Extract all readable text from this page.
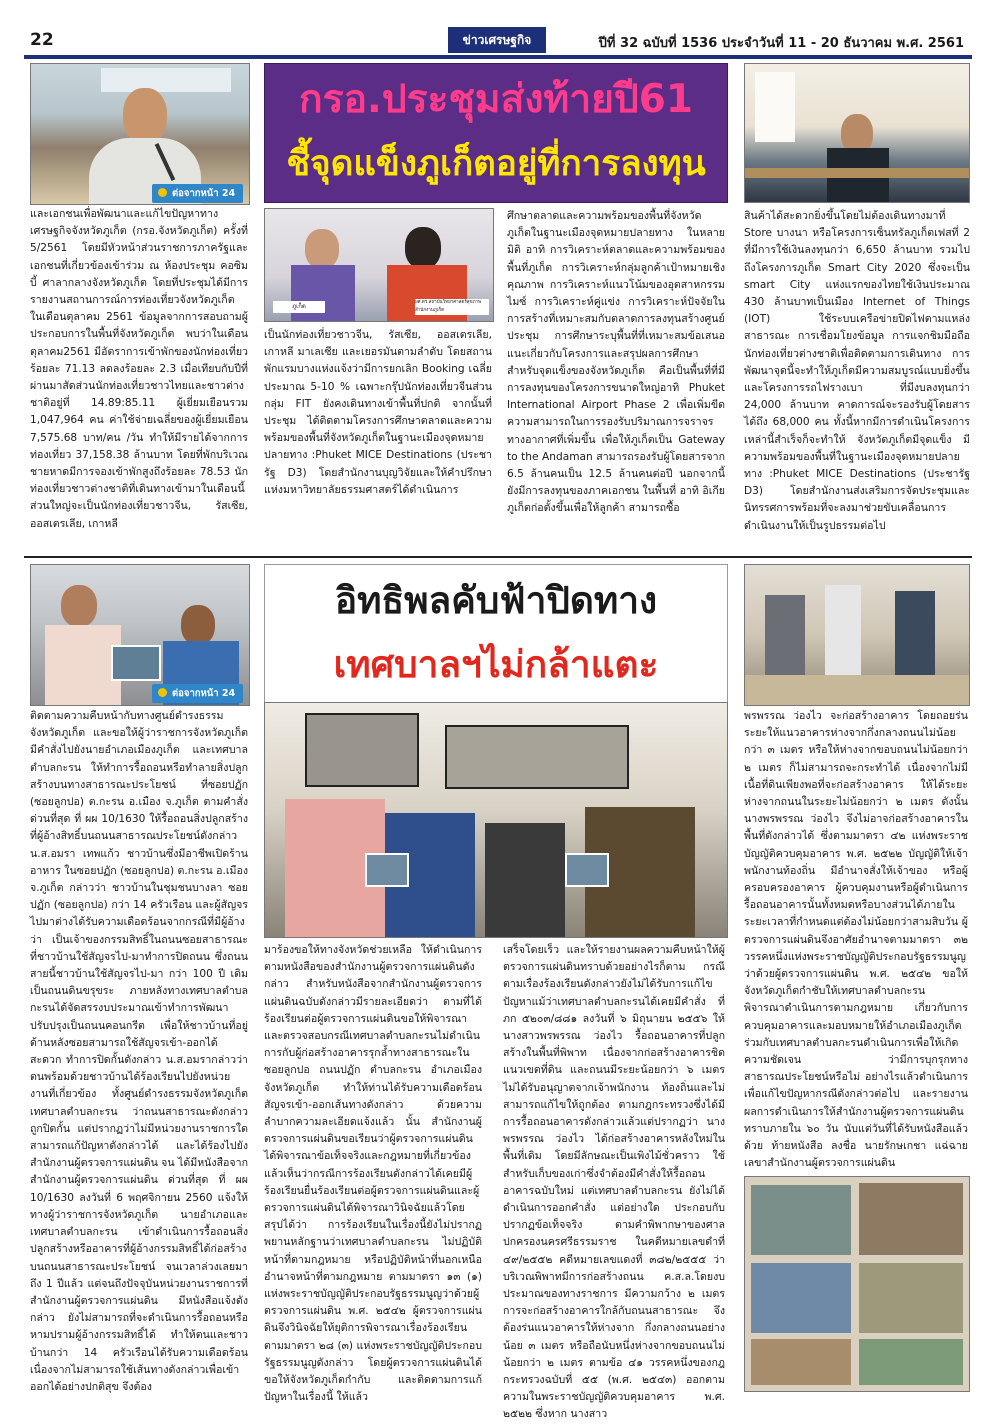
22	ข่าวเศรษฐกิจ	ปีที่ 32 ฉบับที่ 1536 ประจำวันที่ 11 - 20 ธันวาคม พ.ศ. 2561
ต่อจากหน้า 24
กรอ.ประชุมส่งท้ายปี61
ชี้จุดแข็งภูเก็ตอยู่ที่การลงทุน
ภูเก็ต
ผศ.ดร.สถาบันวิทยาศาสตร์สุขภาพ สำนักงานภูเก็ต
และเอกชนเพื่อพัฒนาและแก้ไขปัญหาทางเศรษฐกิจจังหวัดภูเก็ต (กรอ.จังหวัดภูเก็ต) ครั้งที่ 5/2561 โดยมีหัวหน้าส่วนราชการภาครัฐและเอกชนที่เกี่ยวข้องเข้าร่วม ณ ห้องประชุม คอซิมบี้ ศาลากลางจังหวัดภูเก็ต โดยที่ประชุมได้มีการรายงานสถานการณ์การท่องเที่ยวจังหวัดภูเก็ต ในเดือนตุลาคม 2561 ข้อมูลจากการสอบถามผู้ประกอบการในพื้นที่จังหวัดภูเก็ต พบว่าในเดือนตุลาคม2561 มีอัตราการเข้าพักของนักท่องเที่ยวร้อยละ 71.13 ลดลงร้อยละ 2.3 เมื่อเทียบกับปีที่ผ่านมาสัดส่วนนักท่องเที่ยวชาวไทยและชาวต่างชาติอยู่ที่ 14.89:85.11 ผู้เยี่ยมเยือนรวม 1,047,964 คน ค่าใช้จ่ายเฉลี่ยของผู้เยี่ยมเยือน 7,575.68 บาท/คน /วัน ทำให้มีรายได้จากการท่องเที่ยว 37,158.38 ล้านบาท โดยที่พักบริเวณชายหาดมีการจองเข้าพักสูงถึงร้อยละ 78.53 นักท่องเที่ยวชาวต่างชาติที่เดินทางเข้ามาในเดือนนี้ส่วนใหญ่จะเป็นนักท่องเที่ยวชาวจีน, รัสเซีย, ออสเตรเลีย, เกาหลี
เป็นนักท่องเที่ยวชาวจีน, รัสเซีย, ออสเตรเลีย, เกาหลี มาเลเซีย และเยอรมันตามลำดับ โดยสถานพักแรมบางแห่งแจ้งว่ามีการยกเลิก Booking เฉลี่ยประมาณ 5-10 % เฉพาะกรุ๊ปนักท่องเที่ยวจีนส่วนกลุ่ม FIT ยังคงเดินทางเข้าพื้นที่ปกติ จากนั้นที่ประชุม ได้ติดตามโครงการศึกษาตลาดและความพร้อมของพื้นที่จังหวัดภูเก็ตในฐานะเมืองจุดหมายปลายทาง :Phuket MICE Destinations (ประชารัฐ D3) โดยสำนักงานบุญวิจัยและให้คำปรึกษาแห่งมหาวิทยาลัยธรรมศาสตร์ได้ดำเนินการ
ศึกษาตลาดและความพร้อมของพื้นที่จังหวัดภูเก็ตในฐานะเมืองจุดหมายปลายทาง ในหลายมิติ อาทิ การวิเคราะห์ตลาดและความพร้อมของพื้นที่ภูเก็ต การวิเคราะห์กลุ่มลูกค้าเป้าหมายเชิงคุณภาพ การวิเคราะห์แนวโน้มของอุตสาหกรรมไมซ์ การวิเคราะห์คู่แข่ง การวิเคราะห์ปัจจัยในการสร้างที่เหมาะสมกับตลาดการลงทุนสร้างศูนย์ประชุม การศึกษาระบุพื้นที่ที่เหมาะสมข้อเสนอแนะเกี่ยวกับโครงการและสรุปผลการศึกษา สำหรับจุดแข็งของจังหวัดภูเก็ต คือเป็นพื้นที่ที่มีการลงทุนของโครงการขนาดใหญ่อาทิ Phuket International Airport Phase 2 เพื่อเพิ่มขีดความสามารถในการรองรับปริมาณการจราจรทางอากาศที่เพิ่มขึ้น เพื่อให้ภูเก็ตเป็น Gateway to the Andaman สามารถรองรับผู้โดยสารจาก 6.5 ล้านคนเป็น 12.5 ล้านคนต่อปี นอกจากนี้ ยังมีการลงทุนของภาคเอกชน ในพื้นที่ อาทิ อิเกียภูเก็ตก่อตั้งขึ้นเพื่อให้ลูกค้า สามารถซื้อ
สินค้าได้สะดวกยิ่งขึ้นโดยไม่ต้องเดินทางมาที่ Store บางนา หรือโครงการเซ็นทรัลภูเก็ตเฟสที่ 2 ที่มีการใช้เงินลงทุนกว่า 6,650 ล้านบาท รวมไปถึงโครงการภูเก็ต Smart City 2020 ซึ่งจะเป็น smart City แห่งแรกของไทยใช้เงินประมาณ 430 ล้านบาทเป็นเมือง Internet of Things (IOT) ใช้ระบบเครือข่ายปิดไฟตามแหล่งสาธารณะ การเชื่อมโยงข้อมูล การแจกชิมมือถือนักท่องเที่ยวต่างชาติเพื่อติดตามการเดินทาง การพัฒนาจุดนี้จะทำให้ภูเก็ตมีความสมบูรณ์แบบยิ่งขึ้น และโครงการรถไฟรางเบา ที่มีงบลงทุนกว่า 24,000 ล้านบาท คาดการณ์จะรองรับผู้โดยสารได้ถึง 68,000 คน ทั้งนี้หากมีการดำเนินโครงการเหล่านี้สำเร็จก็จะทำให้ จังหวัดภูเก็ตมีจุดแข็ง มีความพร้อมของพื้นที่ในฐานะเมืองจุดหมายปลายทาง :Phuket MICE Destinations (ประชารัฐ D3) โดยสำนักงานส่งเสริมการจัดประชุมและนิทรรศการพร้อมที่จะลงมาช่วยขับเคลื่อนการดำเนินงานให้เป็นรูปธรรมต่อไป
ต่อจากหน้า 24
อิทธิพลคับฟ้าปิดทาง
เทศบาลฯไม่กล้าแตะ
ติดตามความคืบหน้ากับทางศูนย์ดำรงธรรมจังหวัดภูเก็ต และขอให้ผู้ว่าราชการจังหวัดภูเก็ต มีคำสั่งไปยังนายอำเภอเมืองภูเก็ต และเทศบาลตำบลกะรน ให้ทำการรื้อถอนหรือทำลายสิ่งปลูกสร้างบนทางสาธารณะประโยชน์ ที่ซอยปฏัก (ซอยลูกปอ) ต.กะรน อ.เมือง จ.ภูเก็ต ตามคำสั่งด่วนที่สุด ที่ ผผ 10/1630 ให้รื้อถอนสิ่งปลูกสร้างที่ผู้อ้างสิทธิ์บนถนนสาธารณประโยชน์ดังกล่าว น.ส.อมรา เทพแก้ว ชาวบ้านซึ่งมีอาชีพเปิดร้านอาหาร ในซอยปฏัก (ซอยลูกปอ) ต.กะรน อ.เมือง จ.ภูเก็ต กล่าวว่า ชาวบ้านในชุมชนบางลา ซอยปฏัก (ซอยลูกปอ) กว่า 14 ครัวเรือน และผู้สัญจรไปมาต่างได้รับความเดือดร้อนจากกรณีที่มีผู้อ้างว่า เป็นเจ้าของกรรมสิทธิ์ในถนนซอยสาธารณะที่ชาวบ้านใช้สัญจรไป-มาทำการปิดถนน ซึ่งถนนสายนี้ชาวบ้านใช้สัญจรไป-มา กว่า 100 ปี เดิมเป็นถนนดินขรุขระ ภายหลังทางเทศบาลตำบลกะรนได้จัดสรรงบประมาณเข้าทำการพัฒนาปรับปรุงเป็นถนนคอนกรีต เพื่อให้ชาวบ้านที่อยู่ด้านหลังซอยสามารถใช้สัญจรเข้า-ออกได้สะดวก ทำการปิดกั้นดังกล่าว น.ส.อมรากล่าวว่า ตนพร้อมด้วยชาวบ้านได้ร้องเรียนไปยังหน่วยงานที่เกี่ยวข้อง ทั้งศูนย์ดำรงธรรมจังหวัดภูเก็ต เทศบาลตำบลกะรน ว่าถนนสาธารณะดังกล่าวถูกปิดกั้น แต่ปรากฏว่าไม่มีหน่วยงานราชการใดสามารถแก้ปัญหาดังกล่าวได้ และได้ร้องไปยังสำนักงานผู้ตรวจการแผ่นดิน จน ได้มีหนังสือจากสำนักงานผู้ตรวจการแผ่นดิน ด่วนที่สุด ที่ ผผ 10/1630 ลงวันที่ 6 พฤศจิกายน 2560 แจ้งให้ทางผู้ว่าราชการจังหวัดภูเก็ต นายอำเภอและเทศบาลตำบลกะรน เข้าดำเนินการรื้อถอนสิ่งปลูกสร้างหรืออาคารที่ผู้อ้างกรรมสิทธิ์ได้ก่อสร้างบนถนนสาธารณะประโยชน์ จนเวลาล่วงเลยมาถึง 1 ปีแล้ว แต่จนถึงปัจจุบันหน่วยงานราชการที่สำนักงานผู้ตรวจการแผ่นดิน มีหนังสือแจ้งดังกล่าว ยังไม่สามารถที่จะดำเนินการรื้อถอนหรือหามปรามผู้อ้างกรรมสิทธิ์ได้ ทำให้ตนและชาวบ้านกว่า 14 ครัวเรือนได้รับความเดือดร้อน เนื่องจากไม่สามารถใช้เส้นทางดังกล่าวเพื่อเข้าออกได้อย่างปกติสุข จึงต้อง
มาร้องขอให้ทางจังหวัดช่วยเหลือ ให้ดำเนินการตามหนังสือของสำนักงานผู้ตรวจการแผ่นดินดังกล่าว สำหรับหนังสือจากสำนักงานผู้ตรวจการแผ่นดินฉบับดังกล่าวมีรายละเอียดว่า ตามที่ได้ร้องเรียนต่อผู้ตรวจการแผ่นดินขอให้พิจารณา และตรวจสอบกรณีเทศบาลตำบลกะรนไม่ดำเนินการกับผู้ก่อสร้างอาคารรุกล้ำทางสาธารณะในซอยลูกปอ ถนนปฏัก ตำบลกะรน อำเภอเมือง จังหวัดภูเก็ต ทำให้ท่านได้รับความเดือดร้อนสัญจรเข้า-ออกเส้นทางดังกล่าว ด้วยความลำบากความละเอียดแจ้งแล้ว นั้น สำนักงานผู้ตรวจการแผ่นดินขอเรียนว่าผู้ตรวจการแผ่นดิน ได้พิจารณาข้อเท็จจริงและกฎหมายที่เกี่ยวข้องแล้วเห็นว่ากรณีการร้องเรียนดังกล่าวได้เคยมีผู้ร้องเรียนยื่นร้องเรียนต่อผู้ตรวจการแผ่นดินและผู้ตรวจการแผ่นดินได้พิจารณาวินิจฉัยแล้วโดยสรุปได้ว่า การร้องเรียนในเรื่องนี้ยังไม่ปรากฏพยานหลักฐานว่าเทศบาลตำบลกะรน ไม่ปฏิบัติหน้าที่ตามกฎหมาย หรือปฏิบัติหน้าที่นอกเหนืออำนาจหน้าที่ตามกฎหมาย ตามมาตรา ๑๓ (๑) แห่งพระราชบัญญัติประกอบรัฐธรรมนูญว่าด้วยผู้ตรวจการแผ่นดิน พ.ศ. ๒๕๔๒ ผู้ตรวจการแผ่นดินจึงวินิจฉัยให้ยุติการพิจารณาเรื่องร้องเรียน ตามมาตรา ๒๘ (๓) แห่งพระราชบัญญัติประกอบรัฐธรรมนูญดังกล่าว โดยผู้ตรวจการแผ่นดินได้ ขอให้จังหวัดภูเก็ตกำกับ และติดตามการแก้ปัญหาในเรื่องนี้ ให้แล้ว
เสร็จโดยเร็ว และให้รายงานผลความคืบหน้าให้ผู้ตรวจการแผ่นดินทราบด้วยอย่างไรก็ตาม กรณีตามเรื่องร้องเรียนดังกล่าวยังไม่ได้รับการแก้ไขปัญหาแม้ว่าเทศบาลตำบลกะรนได้เคยมีคำสั่ง ที่ ภก ๕๒๐๓/๘๘๑ ลงวันที่ ๖ มิถุนายน ๒๕๕๖ ให้นางสาวพรพรรณ ว่องไว รื้อถอนอาคารที่ปลูกสร้างในพื้นที่พิพาท เนื่องจากก่อสร้างอาคารชิดแนวเขตที่ดิน และถนนมีระยะน้อยกว่า ๖ เมตร ไม่ได้รับอนุญาตจากเจ้าพนักงาน ท้องถิ่นและไม่สามารถแก้ไขให้ถูกต้อง ตามกฎกระทรวงซึ่งได้มีการรื้อถอนอาคารดังกล่าวแล้วแต่ปรากฏว่า นางพรพรรณ ว่องไว ได้ก่อสร้างอาคารหลังใหม่ในพื้นที่เดิม โดยมีลักษณะเป็นเพิงไม้ชั่วคราว ใช้สำหรับเก็บของเก่าซึ่งจำต้องมีคำสั่งให้รื้อถอนอาคารฉบับใหม่ แต่เทศบาลตำบลกะรน ยังไม่ได้ดำเนินการออกคำสั่ง แต่อย่างใด ประกอบกับปรากฏข้อเท็จจริง ตามคำพิพากษาของศาลปกครองนครศรีธรรมราช ในคดีหมายเลขดำที่ ๔๙/๒๕๕๒ คดีหมายเลขแดงที่ ๓๘๒/๒๕๕๕ ว่า บริเวณพิพาทมีการก่อสร้างถนน ค.ส.ล.โดยงบประมาณของทางราชการ มีความกว้าง ๒ เมตร การจะก่อสร้างอาคารใกล้กับถนนสาธารณะ จึงต้องร่นแนวอาคารให้ห่างจาก กึ่งกลางถนนอย่างน้อย ๓ เมตร หรือถือนับหนึ่งห่างจากขอบถนนไม่น้อยกว่า ๒ เมตร ตามข้อ ๔๑ วรรคหนึ่งของกฎกระทรวงฉบับที่ ๕๕ (พ.ศ. ๒๕๔๓) ออกตามความในพระราชบัญญัติควบคุมอาคาร พ.ศ. ๒๕๒๒ ซึ่งหาก นางสาว
พรพรรณ ว่องไว จะก่อสร้างอาคาร โดยถอยร่นระยะให้แนวอาคารห่างจากกึ่งกลางถนนไม่น้อยกว่า ๓ เมตร หรือให้ห่างจากขอบถนนไม่น้อยกว่า ๒ เมตร ก็ไม่สามารถจะกระทำได้ เนื่องจากไม่มีเนื้อที่ดินเพียงพอที่จะก่อสร้างอาคาร ให้ได้ระยะห่างจากถนนในระยะไม่น้อยกว่า ๒ เมตร ดังนั้น นางพรพรรณ ว่องไว จึงไม่อาจก่อสร้างอาคารในพื้นที่ดังกล่าวได้ ซึ่งตามมาตรา ๔๒ แห่งพระราชบัญญัติควบคุมอาคาร พ.ศ. ๒๕๒๒ บัญญัติให้เจ้าพนักงานท้องถิ่น มีอำนาจสั่งให้เจ้าของ หรือผู้ครอบครองอาคาร ผู้ควบคุมงานหรือผู้ดำเนินการรื้อถอนอาคารนั้นทั้งหมดหรือบางส่วนได้ภายในระยะเวลาที่กำหนดแต่ต้องไม่น้อยกว่าสามสิบวัน ผู้ตรวจการแผ่นดินจึงอาศัยอำนาจตามมาตรา ๓๒ วรรคหนึ่งแห่งพระราชบัญญัติประกอบรัฐธรรมนูญ ว่าด้วยผู้ตรวจการแผ่นดิน พ.ศ. ๒๕๔๒ ขอให้จังหวัดภูเก็ตกำชับให้เทศบาลตำบลกะรน พิจารณาดำเนินการตามกฎหมาย เกี่ยวกับการควบคุมอาคารและมอบหมายให้อำเภอเมืองภูเก็ต ร่วมกับเทศบาลตำบลกะรนดำเนินการเพื่อให้เกิดความชัดเจน ว่ามีการบุกรุกทางสาธารณประโยชน์หรือไม่ อย่างไรแล้วดำเนินการเพื่อแก้ไขปัญหากรณีดังกล่าวต่อไป และรายงานผลการดำเนินการให้สำนักงานผู้ตรวจการแผ่นดินทราบภายใน ๖๐ วัน นับแต่วันที่ได้รับหนังสือแล้วด้วย ท้ายหนังสือ ลงชื่อ นายรักษเกชา แฉ่ฉาย เลขาสำนักงานผู้ตรวจการแผ่นดิน
